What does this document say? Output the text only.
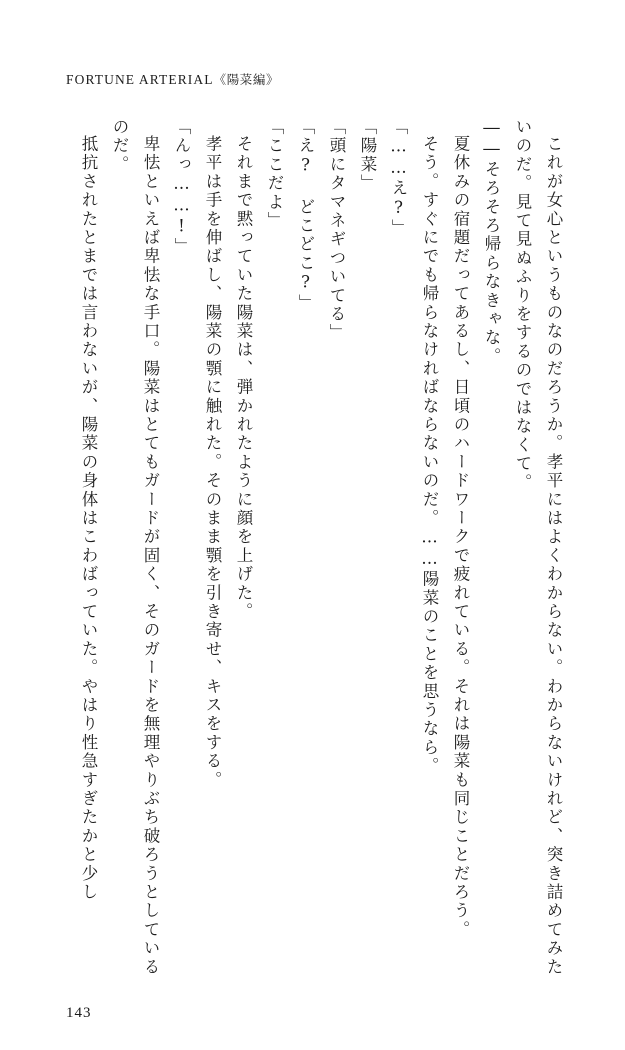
FORTUNE ARTERIAL《陽菜編》

これが女心というものなのだろうか。孝平にはよくわからない。わからないけれど、突き詰めてみたいのだ。見て見ぬふりをするのではなくて。

――そろそろ帰らなきゃな。

夏休みの宿題だってあるし、日頃のハードワークで疲れている。それは陽菜も同じことだろう。

そう。すぐにでも帰らなければならないのだ。……陽菜のことを思うなら。

「……え?」

「陽菜」

「頭にタマネギついてる」

「え? どこどこ?」

「ここだよ」

それまで黙っていた陽菜は、弾かれたように顔を上げた。

孝平は手を伸ばし、陽菜の顎に触れた。そのまま顎を引き寄せ、キスをする。

「んっ……!」

卑怯といえば卑怯な手口。陽菜はとてもガードが固く、そのガードを無理やりぶち破ろうとしているのだ。

抵抗されたとまでは言わないが、陽菜の身体はこわばっていた。やはり性急すぎたかと少し

143
